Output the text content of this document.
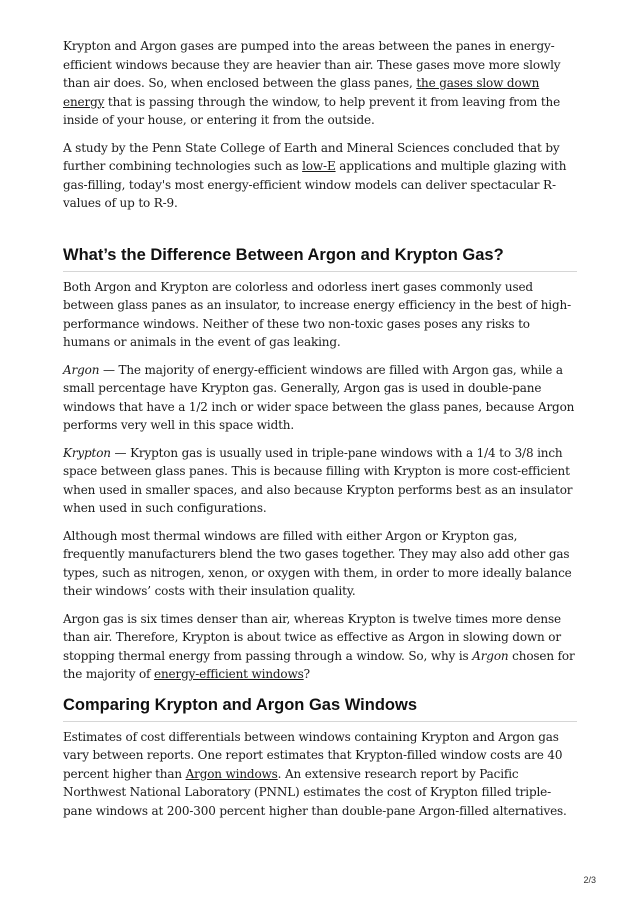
Krypton and Argon gases are pumped into the areas between the panes in energy-efficient windows because they are heavier than air. These gases move more slowly than air does. So, when enclosed between the glass panes, the gases slow down energy that is passing through the window, to help prevent it from leaving from the inside of your house, or entering it from the outside.

A study by the Penn State College of Earth and Mineral Sciences concluded that by further combining technologies such as low-E applications and multiple glazing with gas-filling, today's most energy-efficient window models can deliver spectacular R-values of up to R-9.

What’s the Difference Between Argon and Krypton Gas?

Both Argon and Krypton are colorless and odorless inert gases commonly used between glass panes as an insulator, to increase energy efficiency in the best of high-performance windows. Neither of these two non-toxic gases poses any risks to humans or animals in the event of gas leaking.

Argon — The majority of energy-efficient windows are filled with Argon gas, while a small percentage have Krypton gas. Generally, Argon gas is used in double-pane windows that have a 1/2 inch or wider space between the glass panes, because Argon performs very well in this space width.

Krypton — Krypton gas is usually used in triple-pane windows with a 1/4 to 3/8 inch space between glass panes. This is because filling with Krypton is more cost-efficient when used in smaller spaces, and also because Krypton performs best as an insulator when used in such configurations.

Although most thermal windows are filled with either Argon or Krypton gas, frequently manufacturers blend the two gases together. They may also add other gas types, such as nitrogen, xenon, or oxygen with them, in order to more ideally balance their windows’ costs with their insulation quality.

Argon gas is six times denser than air, whereas Krypton is twelve times more dense than air. Therefore, Krypton is about twice as effective as Argon in slowing down or stopping thermal energy from passing through a window. So, why is Argon chosen for the majority of energy-efficient windows?

Comparing Krypton and Argon Gas Windows

Estimates of cost differentials between windows containing Krypton and Argon gas vary between reports. One report estimates that Krypton-filled window costs are 40 percent higher than Argon windows. An extensive research report by Pacific Northwest National Laboratory (PNNL) estimates the cost of Krypton filled triple-pane windows at 200-300 percent higher than double-pane Argon-filled alternatives.

2/3
